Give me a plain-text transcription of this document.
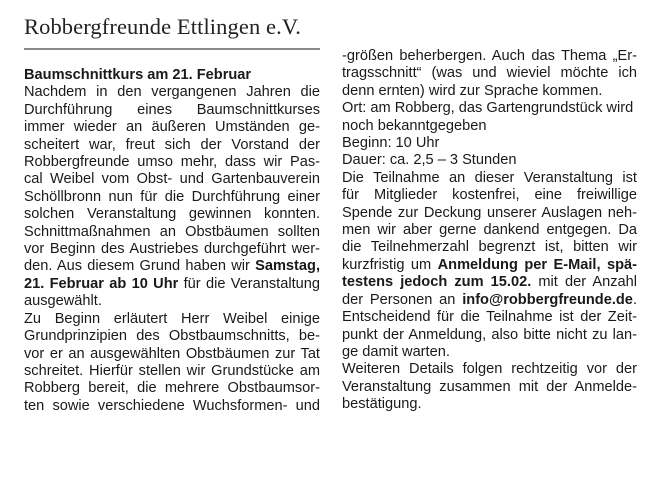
Robbergfreunde Ettlingen e.V.

Baumschnittkurs am 21. Februar

Nachdem in den vergangenen Jahren die
Durchführung eines Baumschnittkurses
immer wieder an äußeren Umständen ge-
scheitert war, freut sich der Vorstand der
Robbergfreunde umso mehr, dass wir Pas-
cal Weibel vom Obst- und Gartenbauverein
Schöllbronn nun für die Durchführung einer
solchen Veranstaltung gewinnen konnten.
Schnittmaßnahmen an Obstbäumen sollten
vor Beginn des Austriebes durchgeführt wer-
den. Aus diesem Grund haben wir Samstag,
21. Februar ab 10 Uhr für die Veranstaltung
ausgewählt.

Zu Beginn erläutert Herr Weibel einige
Grundprinzipien des Obstbaumschnitts, be-
vor er an ausgewählten Obstbäumen zur Tat
schreitet. Hierfür stellen wir Grundstücke am
Robberg bereit, die mehrere Obstbaumsor-
ten sowie verschiedene Wuchsformen- und

-größen beherbergen. Auch das Thema „Er-
tragsschnitt“ (was und wieviel möchte ich
denn ernten) wird zur Sprache kommen.

Ort: am Robberg, das Gartengrundstück wird
noch bekanntgegeben

Beginn: 10 Uhr

Dauer: ca. 2,5 – 3 Stunden

Die Teilnahme an dieser Veranstaltung ist
für Mitglieder kostenfrei, eine freiwillige
Spende zur Deckung unserer Auslagen neh-
men wir aber gerne dankend entgegen. Da
die Teilnehmerzahl begrenzt ist, bitten wir
kurzfristig um Anmeldung per E-Mail, spä-
testens jedoch zum 15.02. mit der Anzahl
der Personen an info@robbergfreunde.de.
Entscheidend für die Teilnahme ist der Zeit-
punkt der Anmeldung, also bitte nicht zu lan-
ge damit warten.

Weiteren Details folgen rechtzeitig vor der
Veranstaltung zusammen mit der Anmelde-
bestätigung.
